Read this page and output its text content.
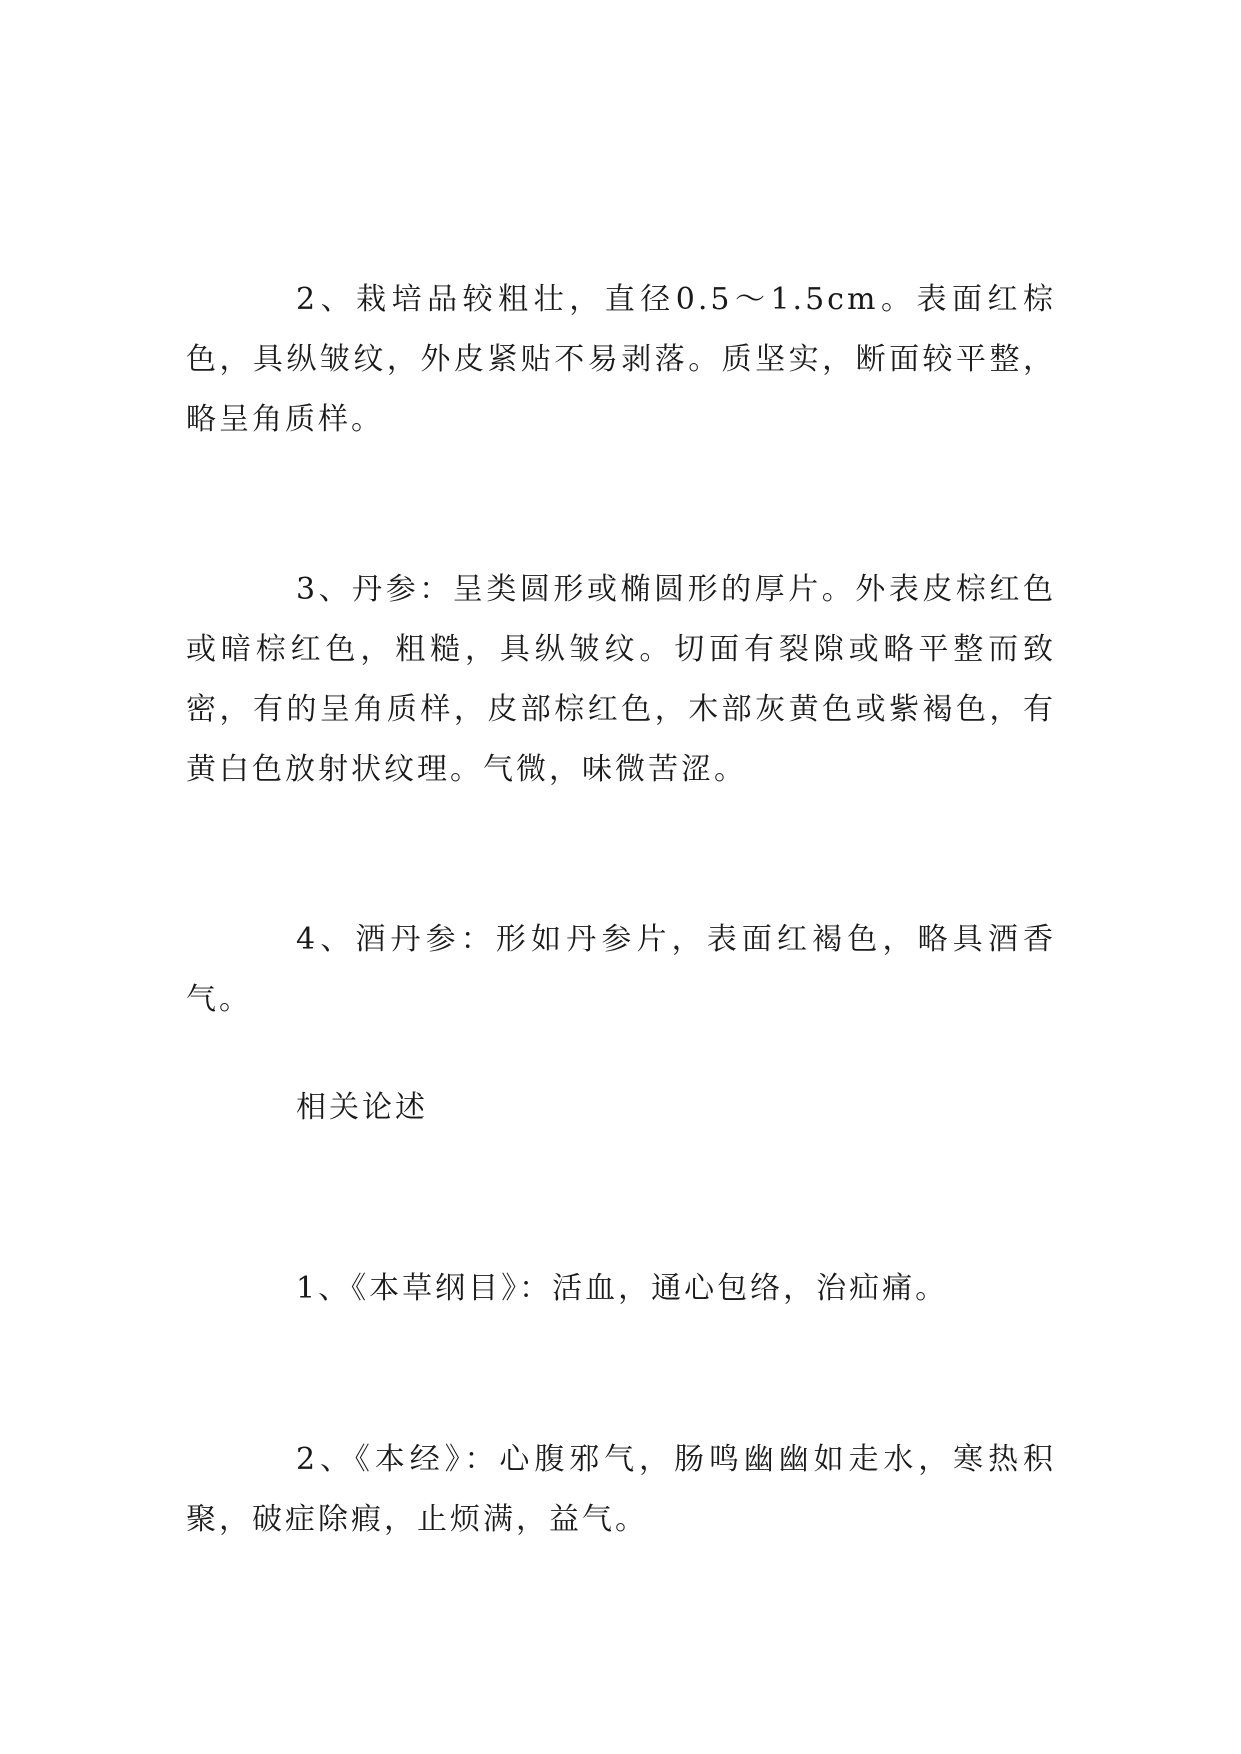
2、栽培品较粗壮，直径0.5～1.5cm。表面红棕色，具纵皱纹，外皮紧贴不易剥落。质坚实，断面较平整，略呈角质样。

3、丹参：呈类圆形或椭圆形的厚片。外表皮棕红色或暗棕红色，粗糙，具纵皱纹。切面有裂隙或略平整而致密，有的呈角质样，皮部棕红色，木部灰黄色或紫褐色，有黄白色放射状纹理。气微，味微苦涩。

4、酒丹参：形如丹参片，表面红褐色，略具酒香气。

相关论述

1、《本草纲目》：活血，通心包络，治疝痛。

2、《本经》：心腹邪气，肠鸣幽幽如走水，寒热积聚，破症除瘕，止烦满，益气。
